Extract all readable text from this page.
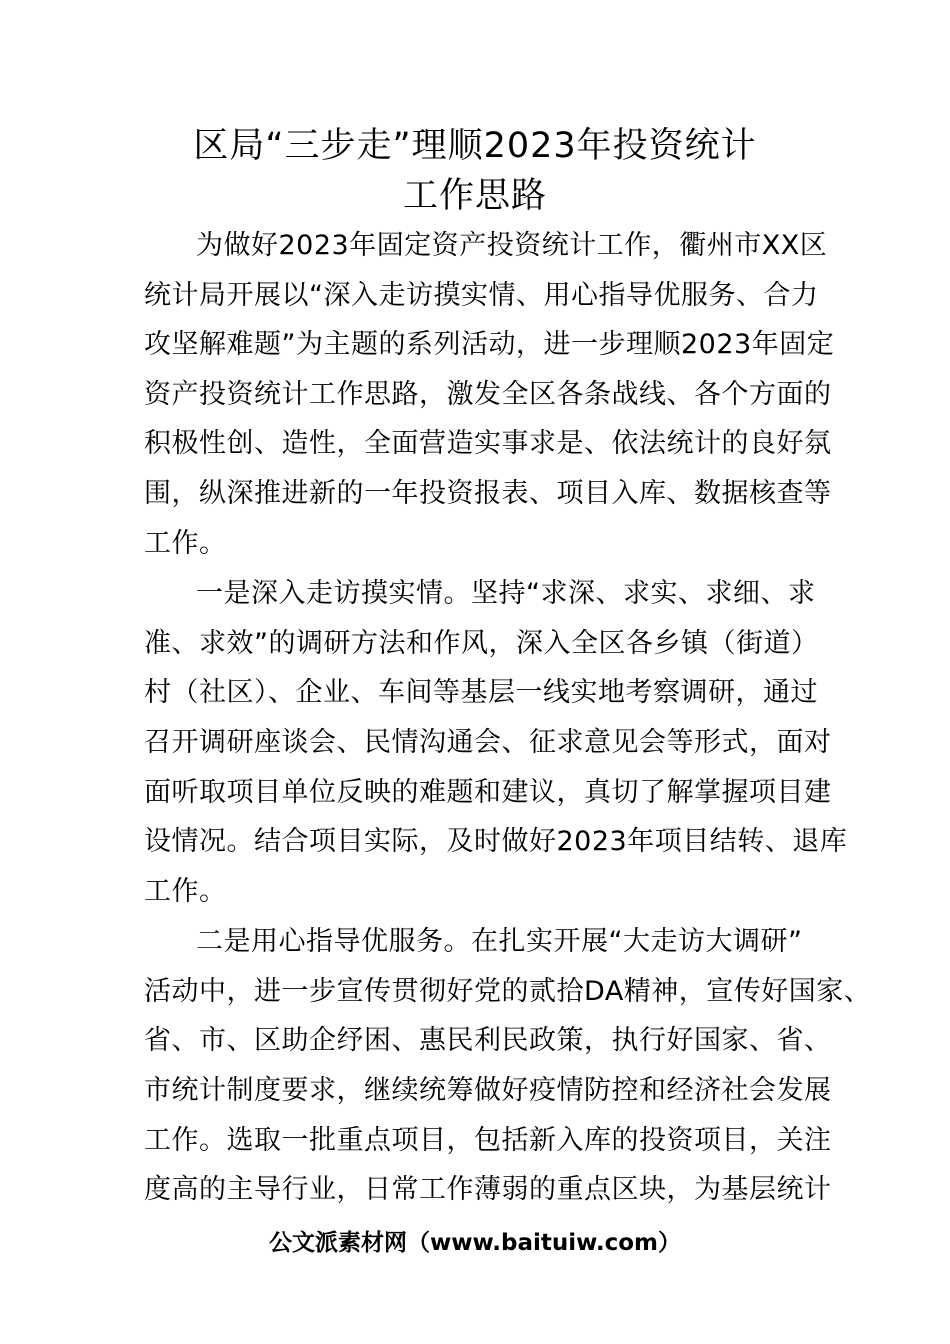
区局“三步走”理顺2023年投资统计
工作思路
为做好2023年固定资产投资统计工作，衢州市XX区
统计局开展以“深入走访摸实情、用心指导优服务、合力
攻坚解难题”为主题的系列活动，进一步理顺2023年固定
资产投资统计工作思路，激发全区各条战线、各个方面的
积极性创、造性，全面营造实事求是、依法统计的良好氛
围，纵深推进新的一年投资报表、项目入库、数据核查等
工作。
一是深入走访摸实情。坚持“求深、求实、求细、求
准、求效”的调研方法和作风，深入全区各乡镇（街道）
村（社区）、企业、车间等基层一线实地考察调研，通过
召开调研座谈会、民情沟通会、征求意见会等形式，面对
面听取项目单位反映的难题和建议，真切了解掌握项目建
设情况。结合项目实际，及时做好2023年项目结转、退库
工作。
二是用心指导优服务。在扎实开展“大走访大调研”
活动中，进一步宣传贯彻好党的贰拾DA精神，宣传好国家、
省、市、区助企纾困、惠民利民政策，执行好国家、省、
市统计制度要求，继续统筹做好疫情防控和经济社会发展
工作。选取一批重点项目，包括新入库的投资项目，关注
度高的主导行业，日常工作薄弱的重点区块，为基层统计
公文派素材网（www.baituiw.com）
